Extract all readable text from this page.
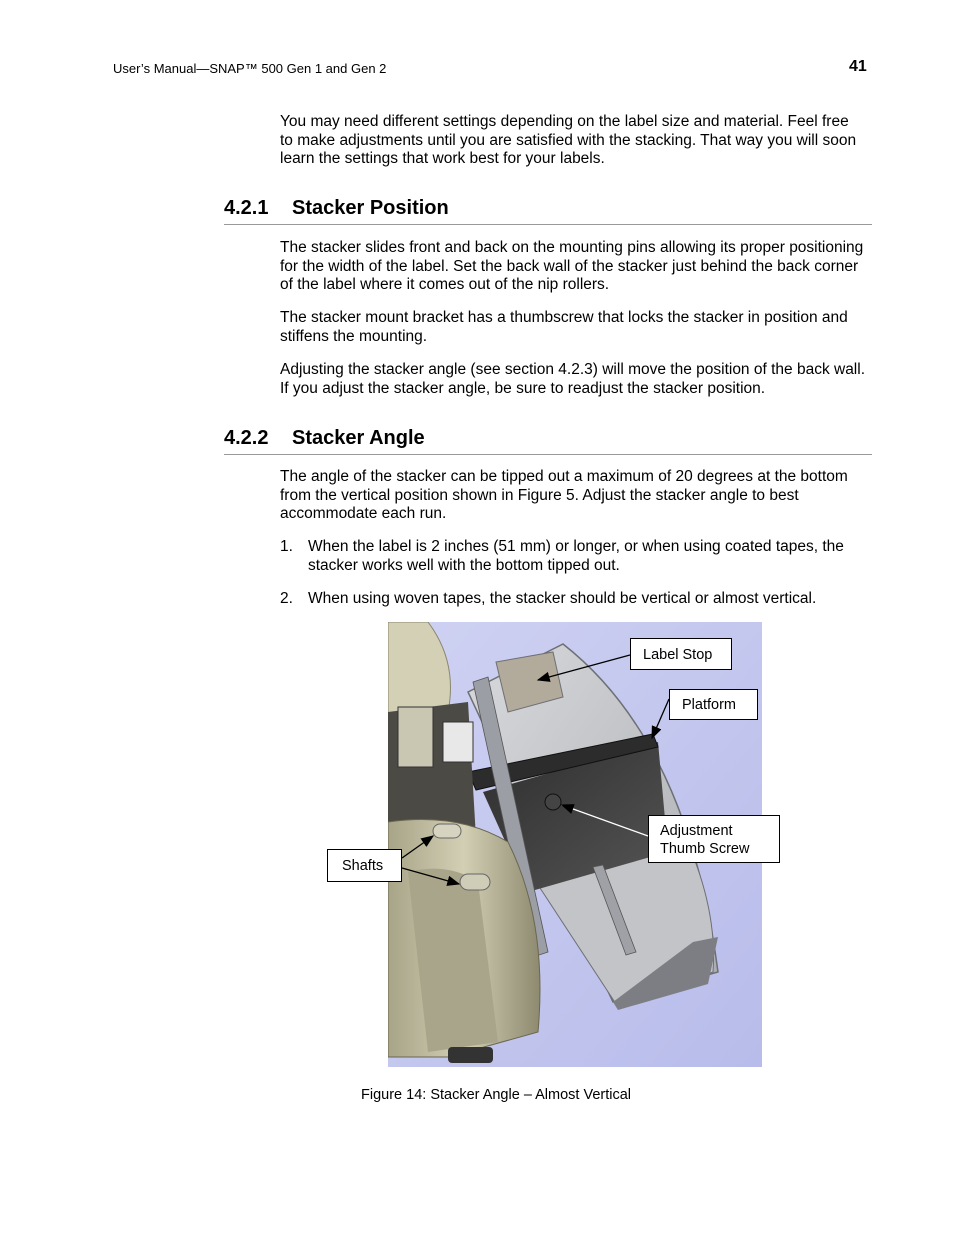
User’s Manual—SNAP™ 500 Gen 1 and Gen 2	41

You may need different settings depending on the label size and material. Feel free to make adjustments until you are satisfied with the stacking. That way you will soon learn the settings that work best for your labels.

4.2.1 Stacker Position

The stacker slides front and back on the mounting pins allowing its proper positioning for the width of the label. Set the back wall of the stacker just behind the back corner of the label where it comes out of the nip rollers.

The stacker mount bracket has a thumbscrew that locks the stacker in position and stiffens the mounting.

Adjusting the stacker angle (see section 4.2.3) will move the position of the back wall. If you adjust the stacker angle, be sure to readjust the stacker position.

4.2.2 Stacker Angle

The angle of the stacker can be tipped out a maximum of 20 degrees at the bottom from the vertical position shown in Figure 5. Adjust the stacker angle to best accommodate each run.

1. When the label is 2 inches (51 mm) or longer, or when using coated tapes, the stacker works well with the bottom tipped out.
2. When using woven tapes, the stacker should be vertical or almost vertical.
Label Stop
Platform
Adjustment
Thumb Screw
Shafts
Figure 14: Stacker Angle – Almost Vertical
